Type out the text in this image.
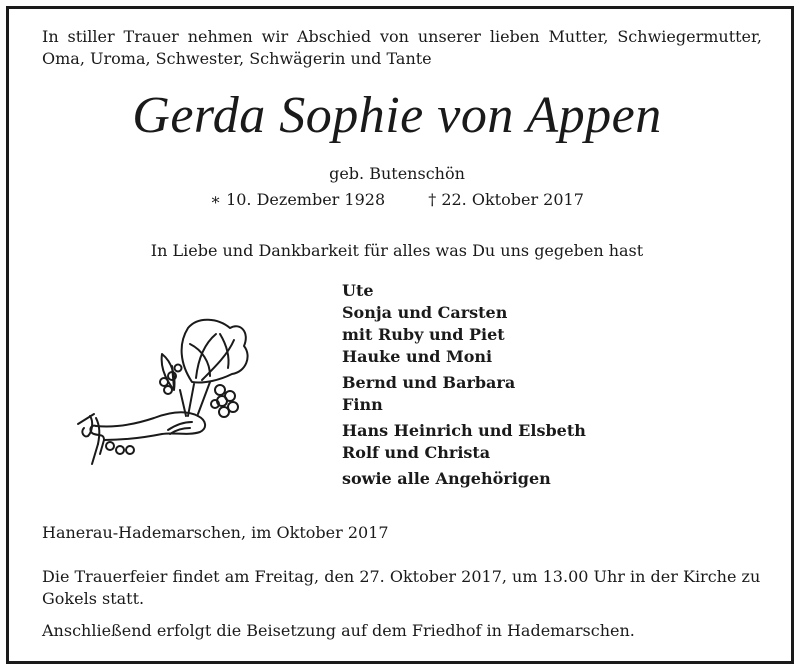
In stiller Trauer nehmen wir Abschied von unserer lieben Mutter, Schwiegermutter, Oma, Uroma, Schwester, Schwägerin und Tante
Gerda Sophie von Appen
geb. Butenschön
∗ 10. Dezember 1928	† 22. Oktober 2017
In Liebe und Dankbarkeit für alles was Du uns gegeben hast
Ute
Sonja und Carsten
mit Ruby und Piet
Hauke und Moni
Bernd und Barbara
Finn
Hans Heinrich und Elsbeth
Rolf und Christa
sowie alle Angehörigen
Hanerau-Hademarschen, im Oktober 2017
Die Trauerfeier findet am Freitag, den 27. Oktober 2017, um 13.00 Uhr in der Kirche zu Gokels statt.
Anschließend erfolgt die Beisetzung auf dem Friedhof in Hademarschen.
